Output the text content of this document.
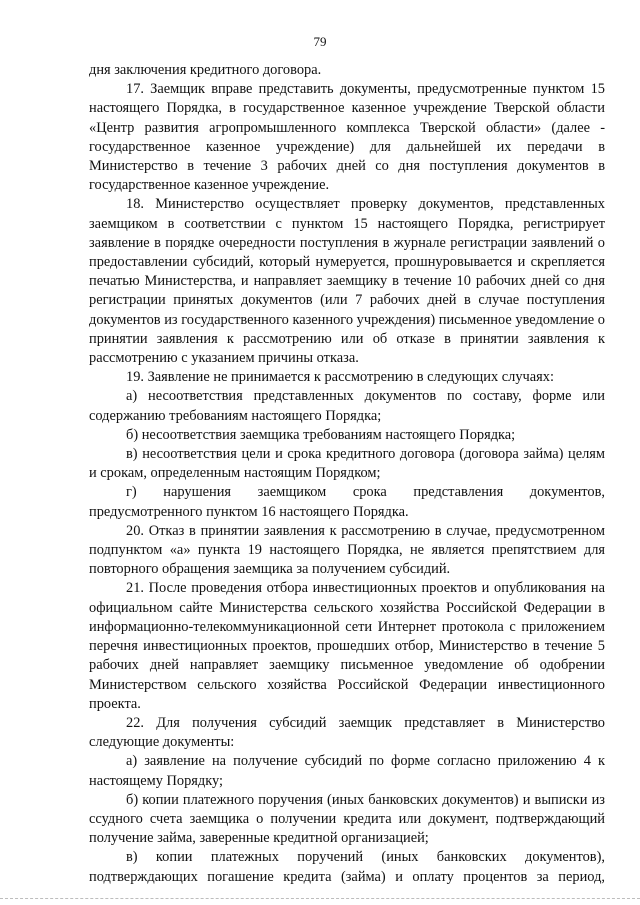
79

дня заключения кредитного договора.

17. Заемщик вправе представить документы, предусмотренные пунктом 15 настоящего Порядка, в государственное казенное учреждение Тверской области «Центр развития агропромышленного комплекса Тверской области» (далее - государственное казенное учреждение) для дальнейшей их передачи в Министерство в течение 3 рабочих дней со дня поступления документов в государственное казенное учреждение.

18. Министерство осуществляет проверку документов, представленных заемщиком в соответствии с пунктом 15 настоящего Порядка, регистрирует заявление в порядке очередности поступления в журнале регистрации заявлений о предоставлении субсидий, который нумеруется, прошнуровывается и скрепляется печатью Министерства, и направляет заемщику в течение 10 рабочих дней со дня регистрации принятых документов (или 7 рабочих дней в случае поступления документов из государственного казенного учреждения) письменное уведомление о принятии заявления к рассмотрению или об отказе в принятии заявления к рассмотрению с указанием причины отказа.

19. Заявление не принимается к рассмотрению в следующих случаях:

а) несоответствия представленных документов по составу, форме или содержанию требованиям настоящего Порядка;

б) несоответствия заемщика требованиям настоящего Порядка;

в) несоответствия цели и срока кредитного договора (договора займа) целям и срокам, определенным настоящим Порядком;

г) нарушения заемщиком срока представления документов, предусмотренного пунктом 16 настоящего Порядка.

20. Отказ в принятии заявления к рассмотрению в случае, предусмотренном подпунктом «а» пункта 19 настоящего Порядка, не является препятствием для повторного обращения заемщика за получением субсидий.

21. После проведения отбора инвестиционных проектов и опубликования на официальном сайте Министерства сельского хозяйства Российской Федерации в информационно-телекоммуникационной сети Интернет протокола с приложением перечня инвестиционных проектов, прошедших отбор, Министерство в течение 5 рабочих дней направляет заемщику письменное уведомление об одобрении Министерством сельского хозяйства Российской Федерации инвестиционного проекта.

22. Для получения субсидий заемщик представляет в Министерство следующие документы:

а) заявление на получение субсидий по форме согласно приложению 4 к настоящему Порядку;

б) копии платежного поручения (иных банковских документов) и выписки из ссудного счета заемщика о получении кредита или документ, подтверждающий получение займа, заверенные кредитной организацией;

в) копии платежных поручений (иных банковских документов), подтверждающих погашение кредита (займа) и оплату процентов за период,
